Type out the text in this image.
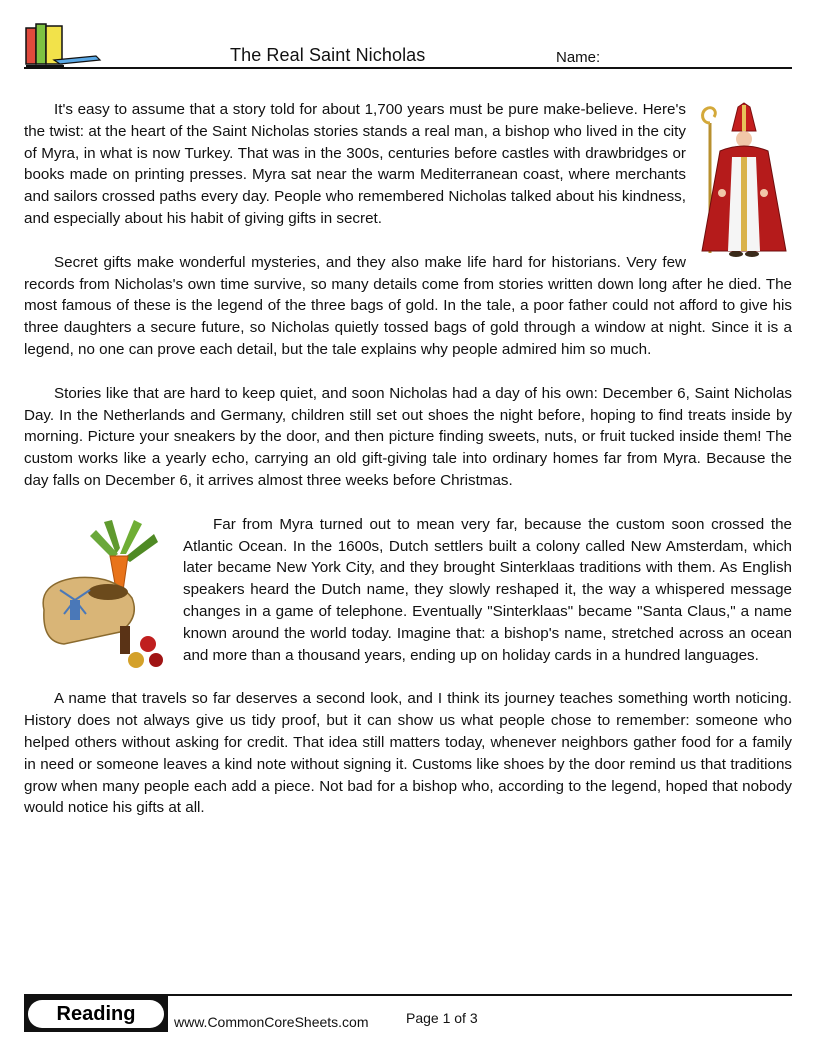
The Real Saint Nicholas	Name:

It's easy to assume that a story told for about 1,700 years must be pure make-believe. Here's the twist: at the heart of the Saint Nicholas stories stands a real man, a bishop who lived in the city of Myra, in what is now Turkey. That was in the 300s, centuries before castles with drawbridges or books made on printing presses. Myra sat near the warm Mediterranean coast, where merchants and sailors crossed paths every day. People who remembered Nicholas talked about his kindness, and especially about his habit of giving gifts in secret.

Secret gifts make wonderful mysteries, and they also make life hard for historians. Very few records from Nicholas's own time survive, so many details come from stories written down long after he died. The most famous of these is the legend of the three bags of gold. In the tale, a poor father could not afford to give his three daughters a secure future, so Nicholas quietly tossed bags of gold through a window at night. Since it is a legend, no one can prove each detail, but the tale explains why people admired him so much.

Stories like that are hard to keep quiet, and soon Nicholas had a day of his own: December 6, Saint Nicholas Day. In the Netherlands and Germany, children still set out shoes the night before, hoping to find treats inside by morning. Picture your sneakers by the door, and then picture finding sweets, nuts, or fruit tucked inside them! The custom works like a yearly echo, carrying an old gift-giving tale into ordinary homes far from Myra. Because the day falls on December 6, it arrives almost three weeks before Christmas.

Far from Myra turned out to mean very far, because the custom soon crossed the Atlantic Ocean. In the 1600s, Dutch settlers built a colony called New Amsterdam, which later became New York City, and they brought Sinterklaas traditions with them. As English speakers heard the Dutch name, they slowly reshaped it, the way a whispered message changes in a game of telephone. Eventually "Sinterklaas" became "Santa Claus," a name known around the world today. Imagine that: a bishop's name, stretched across an ocean and more than a thousand years, ending up on holiday cards in a hundred languages.

A name that travels so far deserves a second look, and I think its journey teaches something worth noticing. History does not always give us tidy proof, but it can show us what people chose to remember: someone who helped others without asking for credit. That idea still matters today, whenever neighbors gather food for a family in need or someone leaves a kind note without signing it. Customs like shoes by the door remind us that traditions grow when many people each add a piece. Not bad for a bishop who, according to the legend, hoped that nobody would notice his gifts at all.

Reading	www.CommonCoreSheets.com	Page 1 of 3
